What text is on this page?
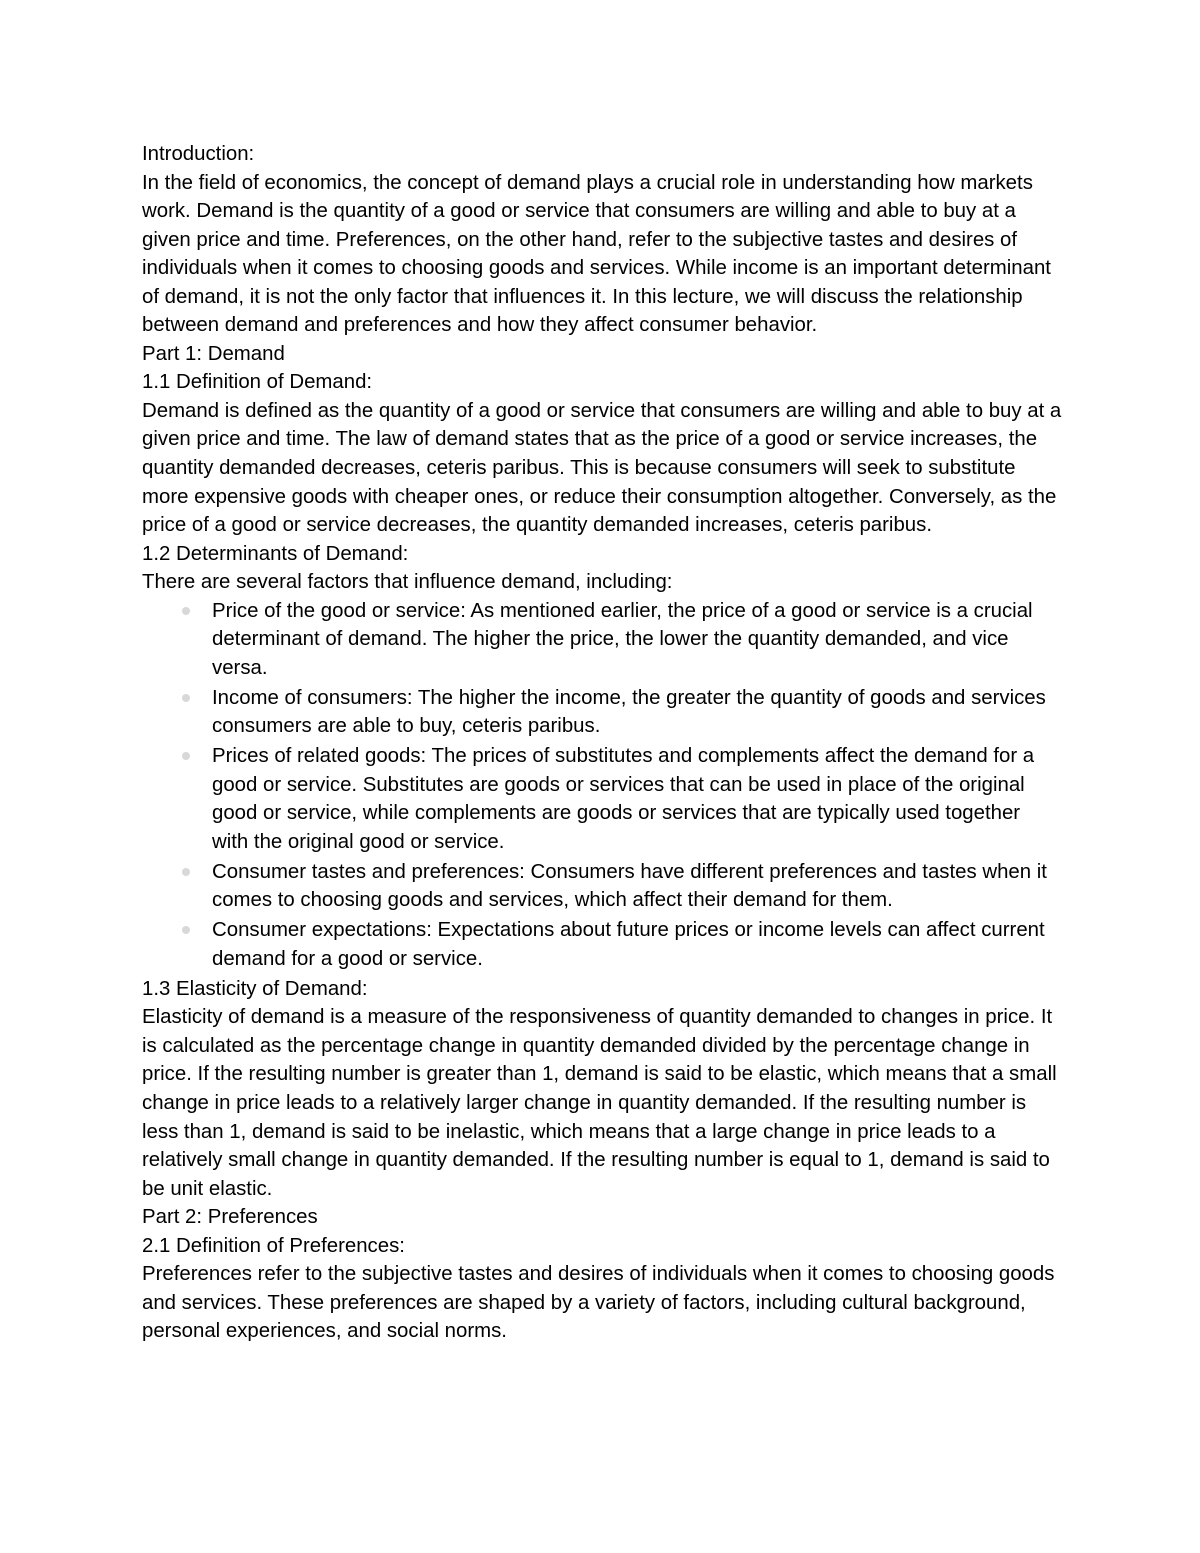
Introduction:

In the field of economics, the concept of demand plays a crucial role in understanding how markets work. Demand is the quantity of a good or service that consumers are willing and able to buy at a given price and time. Preferences, on the other hand, refer to the subjective tastes and desires of individuals when it comes to choosing goods and services. While income is an important determinant of demand, it is not the only factor that influences it. In this lecture, we will discuss the relationship between demand and preferences and how they affect consumer behavior.

Part 1: Demand

1.1 Definition of Demand:

Demand is defined as the quantity of a good or service that consumers are willing and able to buy at a given price and time. The law of demand states that as the price of a good or service increases, the quantity demanded decreases, ceteris paribus. This is because consumers will seek to substitute more expensive goods with cheaper ones, or reduce their consumption altogether. Conversely, as the price of a good or service decreases, the quantity demanded increases, ceteris paribus.

1.2 Determinants of Demand:

There are several factors that influence demand, including:

Price of the good or service: As mentioned earlier, the price of a good or service is a crucial determinant of demand. The higher the price, the lower the quantity demanded, and vice versa.
Income of consumers: The higher the income, the greater the quantity of goods and services consumers are able to buy, ceteris paribus.
Prices of related goods: The prices of substitutes and complements affect the demand for a good or service. Substitutes are goods or services that can be used in place of the original good or service, while complements are goods or services that are typically used together with the original good or service.
Consumer tastes and preferences: Consumers have different preferences and tastes when it comes to choosing goods and services, which affect their demand for them.
Consumer expectations: Expectations about future prices or income levels can affect current demand for a good or service.

1.3 Elasticity of Demand:

Elasticity of demand is a measure of the responsiveness of quantity demanded to changes in price. It is calculated as the percentage change in quantity demanded divided by the percentage change in price. If the resulting number is greater than 1, demand is said to be elastic, which means that a small change in price leads to a relatively larger change in quantity demanded. If the resulting number is less than 1, demand is said to be inelastic, which means that a large change in price leads to a relatively small change in quantity demanded. If the resulting number is equal to 1, demand is said to be unit elastic.

Part 2: Preferences

2.1 Definition of Preferences:

Preferences refer to the subjective tastes and desires of individuals when it comes to choosing goods and services. These preferences are shaped by a variety of factors, including cultural background, personal experiences, and social norms.
